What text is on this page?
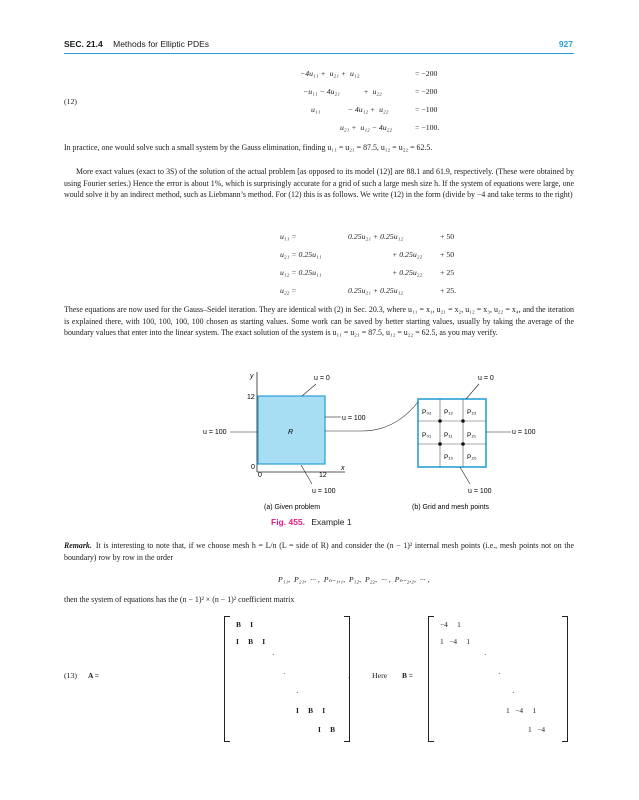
SEC. 21.4 Methods for Elliptic PDEs	927
(12)
−4u₁₁ +  u₂₁ +  u₁₂	= −200
−u₁₁ − 4u₂₁            +  u₂₂	= −200
u₁₁              − 4u₁₂ +  u₂₂	= −100
u₂₁ +  u₁₂ − 4u₂₂	= −100.
In practice, one would solve such a small system by the Gauss elimination, finding u₁₁ = u₂₁ = 87.5, u₁₂ = u₂₂ = 62.5.
More exact values (exact to 3S) of the solution of the actual problem [as opposed to its model (12)] are 88.1 and 61.9, respectively. (These were obtained by using Fourier series.) Hence the error is about 1%, which is surprisingly accurate for a grid of such a large mesh size h. If the system of equations were large, one would solve it by an indirect method, such as Liebmann’s method. For (12) this is as follows. We write (12) in the form (divide by −4 and take terms to the right)
u₁₁ =	0.25u₂₁ + 0.25u₁₂	+ 50
u₂₁ = 0.25u₁₁	+ 0.25u₂₂ + 50
u₁₂ = 0.25u₁₁	+ 0.25u₂₂ + 25
u₂₂ =	0.25u₂₁ + 0.25u₁₂	+ 25.
These equations are now used for the Gauss–Seidel iteration. They are identical with (2) in Sec. 20.3, where u₁₁ = x₁, u₂₁ = x₂, u₁₂ = x₃, u₂₂ = x₄, and the iteration is explained there, with 100, 100, 100, 100 chosen as starting values. Some work can be saved by better starting values, usually by taking the average of the boundary values that enter into the linear system. The exact solution of the system is u₁₁ = u₂₁ = 87.5, u₁₂ = u₂₂ = 62.5, as you may verify.
y
12
0
0	12
x
u = 0
u = 100	R
u = 100
u = 100
(a) Given problem
P₀₂ P₁₂ P₂₂
P₀₁ P₁₁ P₂₁
P₁₀ P₂₀
u = 0
u = 100
u = 100
(b) Grid and mesh points
Fig. 455. Example 1
Remark. It is interesting to note that, if we choose mesh h = L/n (L = side of R) and consider the (n − 1)² internal mesh points (i.e., mesh points not on the boundary) row by row in the order
P₁₁,  P₂₁,  ··· ,  Pₙ₋₁,₁,  P₁₂,  P₂₂,  ··· ,  Pₙ₋₂,₂,  ··· ,
then the system of equations has the (n − 1)² × (n − 1)² coefficient matrix
(13) A =
B     I
I     B     I
·
·
·
I     B     I
I     B
.	Here B =
−4     1
1   −4     1
·
·
·
1   −4     1
1   −4
